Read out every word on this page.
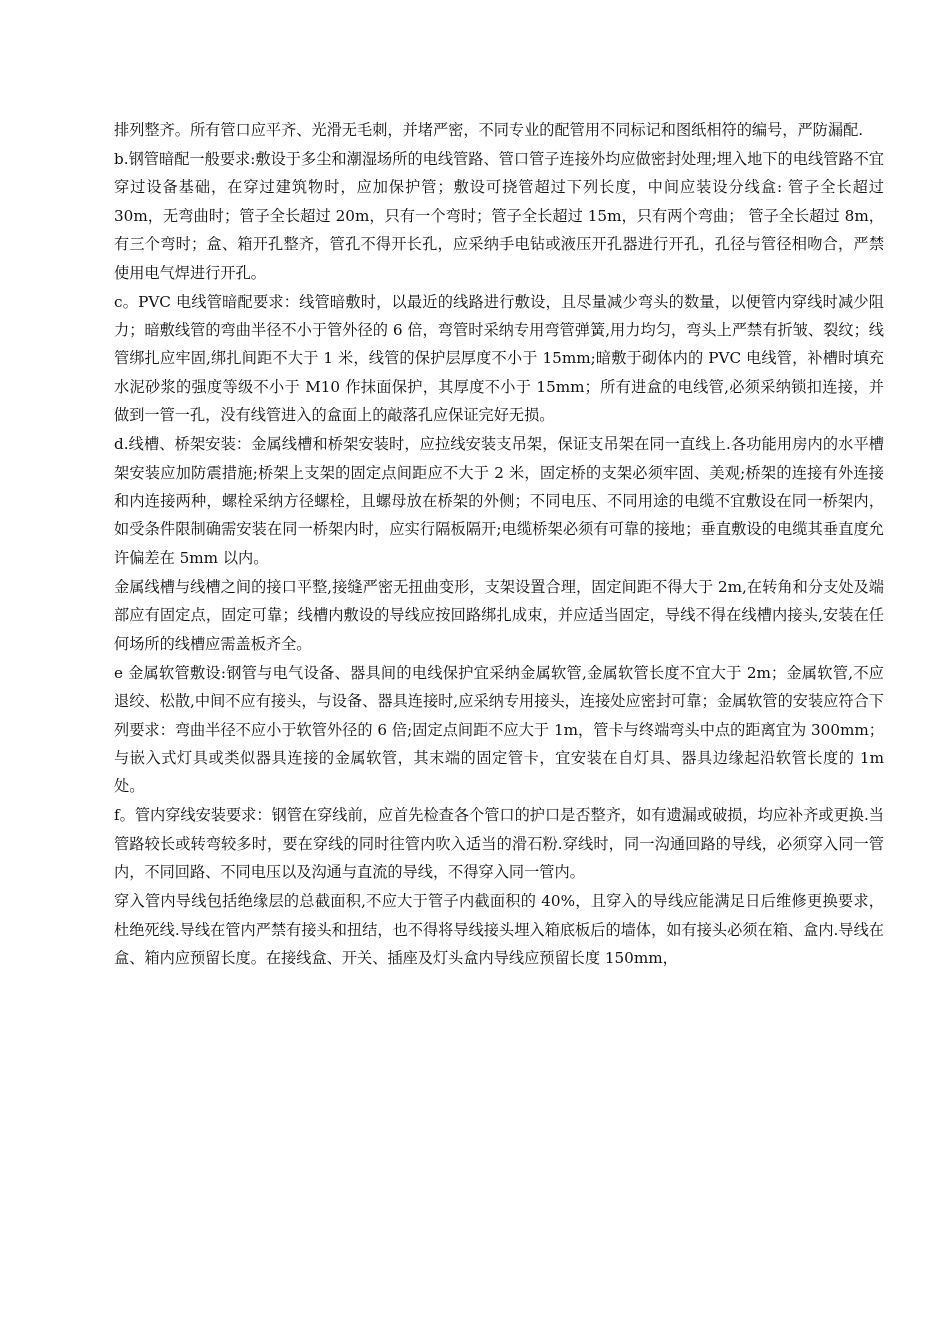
排列整齐。所有管口应平齐、光滑无毛刺，并堵严密，不同专业的配管用不同标记和图纸相符的编号，严防漏配.

b.钢管暗配一般要求:敷设于多尘和潮湿场所的电线管路、管口管子连接外均应做密封处理;埋入地下的电线管路不宜穿过设备基础，在穿过建筑物时，应加保护管；敷设可挠管超过下列长度，中间应装设分线盒: 管子全长超过 30m，无弯曲时；管子全长超过 20m，只有一个弯时；管子全长超过 15m，只有两个弯曲； 管子全长超过 8m，有三个弯时；盒、箱开孔整齐，管孔不得开长孔，应采纳手电钻或液压开孔器进行开孔，孔径与管径相吻合，严禁使用电气焊进行开孔。

c。PVC 电线管暗配要求：线管暗敷时，以最近的线路进行敷设，且尽量减少弯头的数量，以便管内穿线时减少阻力；暗敷线管的弯曲半径不小于管外径的 6 倍，弯管时采纳专用弯管弹簧,用力均匀，弯头上严禁有折皱、裂纹；线管绑扎应牢固,绑扎间距不大于 1 米，线管的保护层厚度不小于 15mm;暗敷于砌体内的 PVC 电线管，补槽时填充水泥砂浆的强度等级不小于 M10 作抹面保护，其厚度不小于 15mm；所有进盒的电线管,必须采纳锁扣连接，并做到一管一孔，没有线管进入的盒面上的敲落孔应保证完好无损。

d.线槽、桥架安装：金属线槽和桥架安装时，应拉线安装支吊架，保证支吊架在同一直线上.各功能用房内的水平槽架安装应加防震措施;桥架上支架的固定点间距应不大于 2 米，固定桥的支架必须牢固、美观;桥架的连接有外连接和内连接两种，螺栓采纳方径螺栓，且螺母放在桥架的外侧；不同电压、不同用途的电缆不宜敷设在同一桥架内，如受条件限制确需安装在同一桥架内时，应实行隔板隔开;电缆桥架必须有可靠的接地；垂直敷设的电缆其垂直度允许偏差在 5mm 以内。

金属线槽与线槽之间的接口平整,接缝严密无扭曲变形，支架设置合理，固定间距不得大于 2m,在转角和分支处及端部应有固定点，固定可靠；线槽内敷设的导线应按回路绑扎成束，并应适当固定，导线不得在线槽内接头,安装在任何场所的线槽应需盖板齐全。

e 金属软管敷设:钢管与电气设备、器具间的电线保护宜采纳金属软管,金属软管长度不宜大于 2m；金属软管,不应退绞、松散,中间不应有接头，与设备、器具连接时,应采纳专用接头，连接处应密封可靠；金属软管的安装应符合下列要求：弯曲半径不应小于软管外径的 6 倍;固定点间距不应大于 1m，管卡与终端弯头中点的距离宜为 300mm；与嵌入式灯具或类似器具连接的金属软管，其末端的固定管卡，宜安装在自灯具、器具边缘起沿软管长度的 1m 处。

f。管内穿线安装要求：钢管在穿线前，应首先检查各个管口的护口是否整齐，如有遗漏或破损，均应补齐或更换.当管路较长或转弯较多时，要在穿线的同时往管内吹入适当的滑石粉.穿线时，同一沟通回路的导线，必须穿入同一管内，不同回路、不同电压以及沟通与直流的导线，不得穿入同一管内。

穿入管内导线包括绝缘层的总截面积,不应大于管子内截面积的 40%，且穿入的导线应能满足日后维修更换要求，杜绝死线.导线在管内严禁有接头和扭结，也不得将导线接头埋入箱底板后的墙体，如有接头必须在箱、盒内.导线在盒、箱内应预留长度。在接线盒、开关、插座及灯头盒内导线应预留长度 150mm，
